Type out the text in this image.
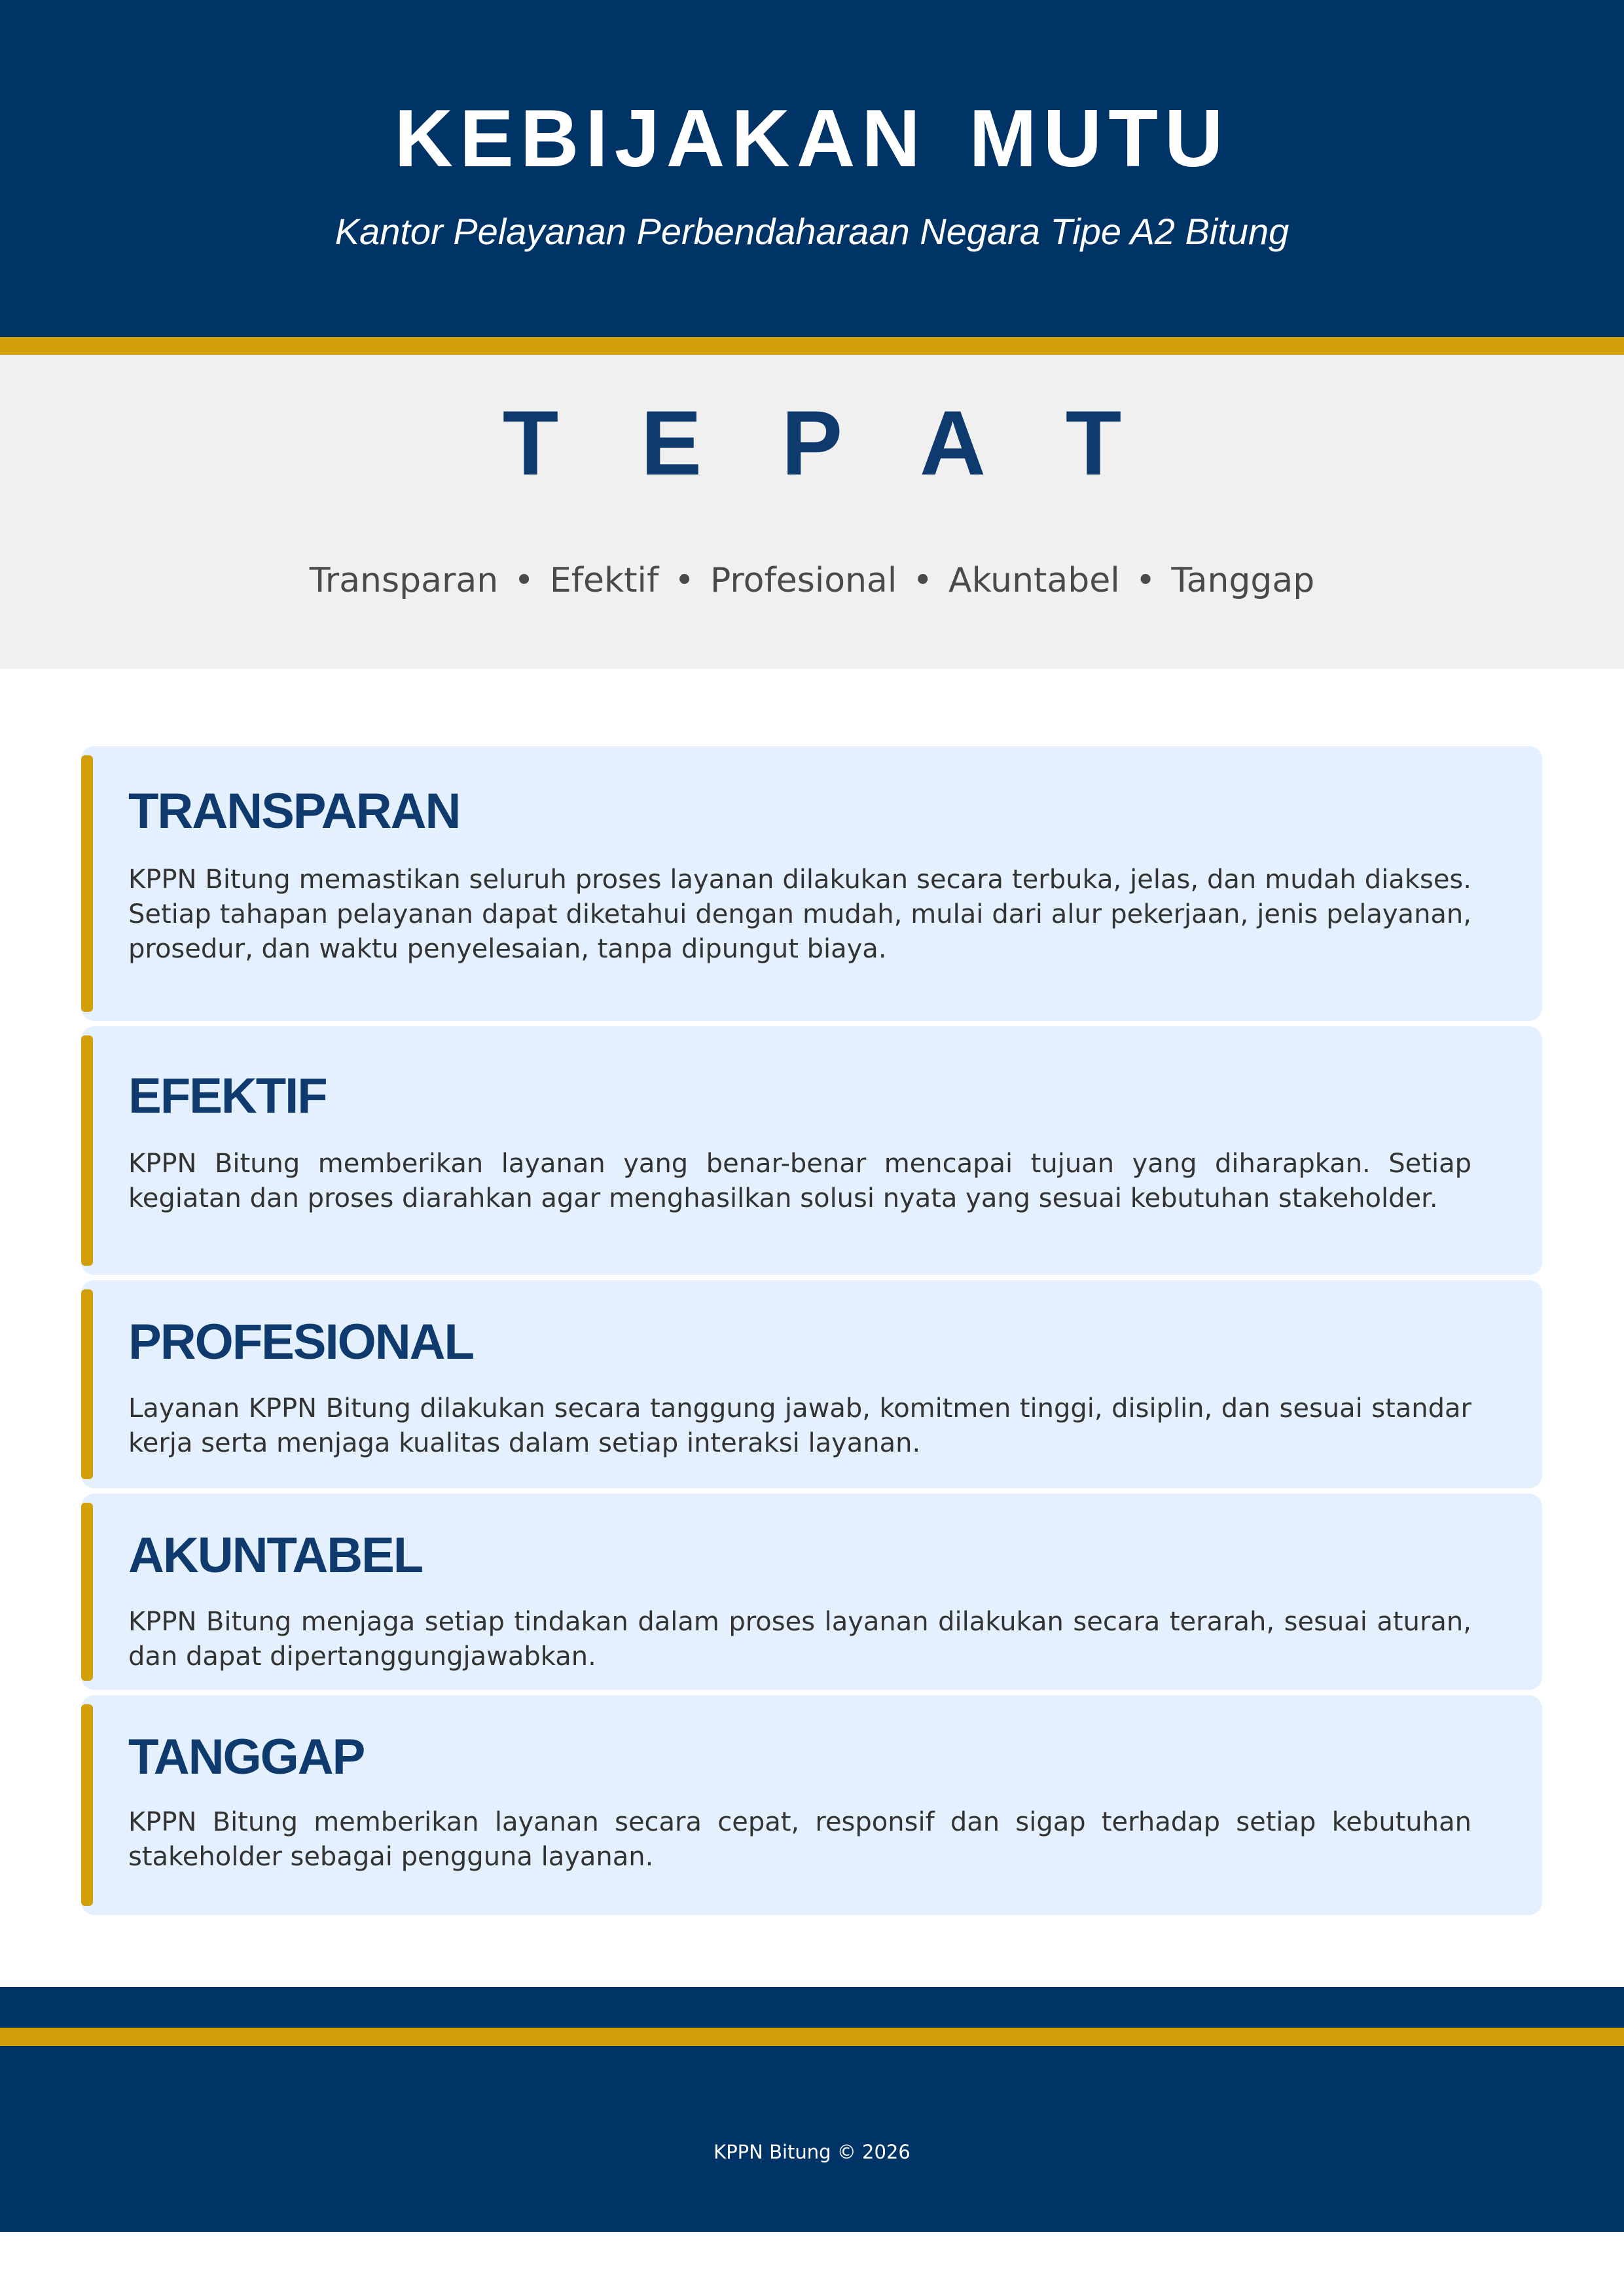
KEBIJAKAN MUTU
Kantor Pelayanan Perbendaharaan Negara Tipe A2 Bitung
T E P A T
Transparan • Efektif • Profesional • Akuntabel • Tanggap
TRANSPARAN
KPPN Bitung memastikan seluruh proses layanan dilakukan secara terbuka, jelas, dan mudah diakses. Setiap tahapan pelayanan dapat diketahui dengan mudah, mulai dari alur pekerjaan, jenis pelayanan, prosedur, dan waktu penyelesaian, tanpa dipungut biaya.
EFEKTIF
KPPN Bitung memberikan layanan yang benar-benar mencapai tujuan yang diharapkan. Setiap kegiatan dan proses diarahkan agar menghasilkan solusi nyata yang sesuai kebutuhan stakeholder.
PROFESIONAL
Layanan KPPN Bitung dilakukan secara tanggung jawab, komitmen tinggi, disiplin, dan sesuai standar kerja serta menjaga kualitas dalam setiap interaksi layanan.
AKUNTABEL
KPPN Bitung menjaga setiap tindakan dalam proses layanan dilakukan secara terarah, sesuai aturan, dan dapat dipertanggungjawabkan.
TANGGAP
KPPN Bitung memberikan layanan secara cepat, responsif dan sigap terhadap setiap kebutuhan stakeholder sebagai pengguna layanan.
KPPN Bitung © 2026
